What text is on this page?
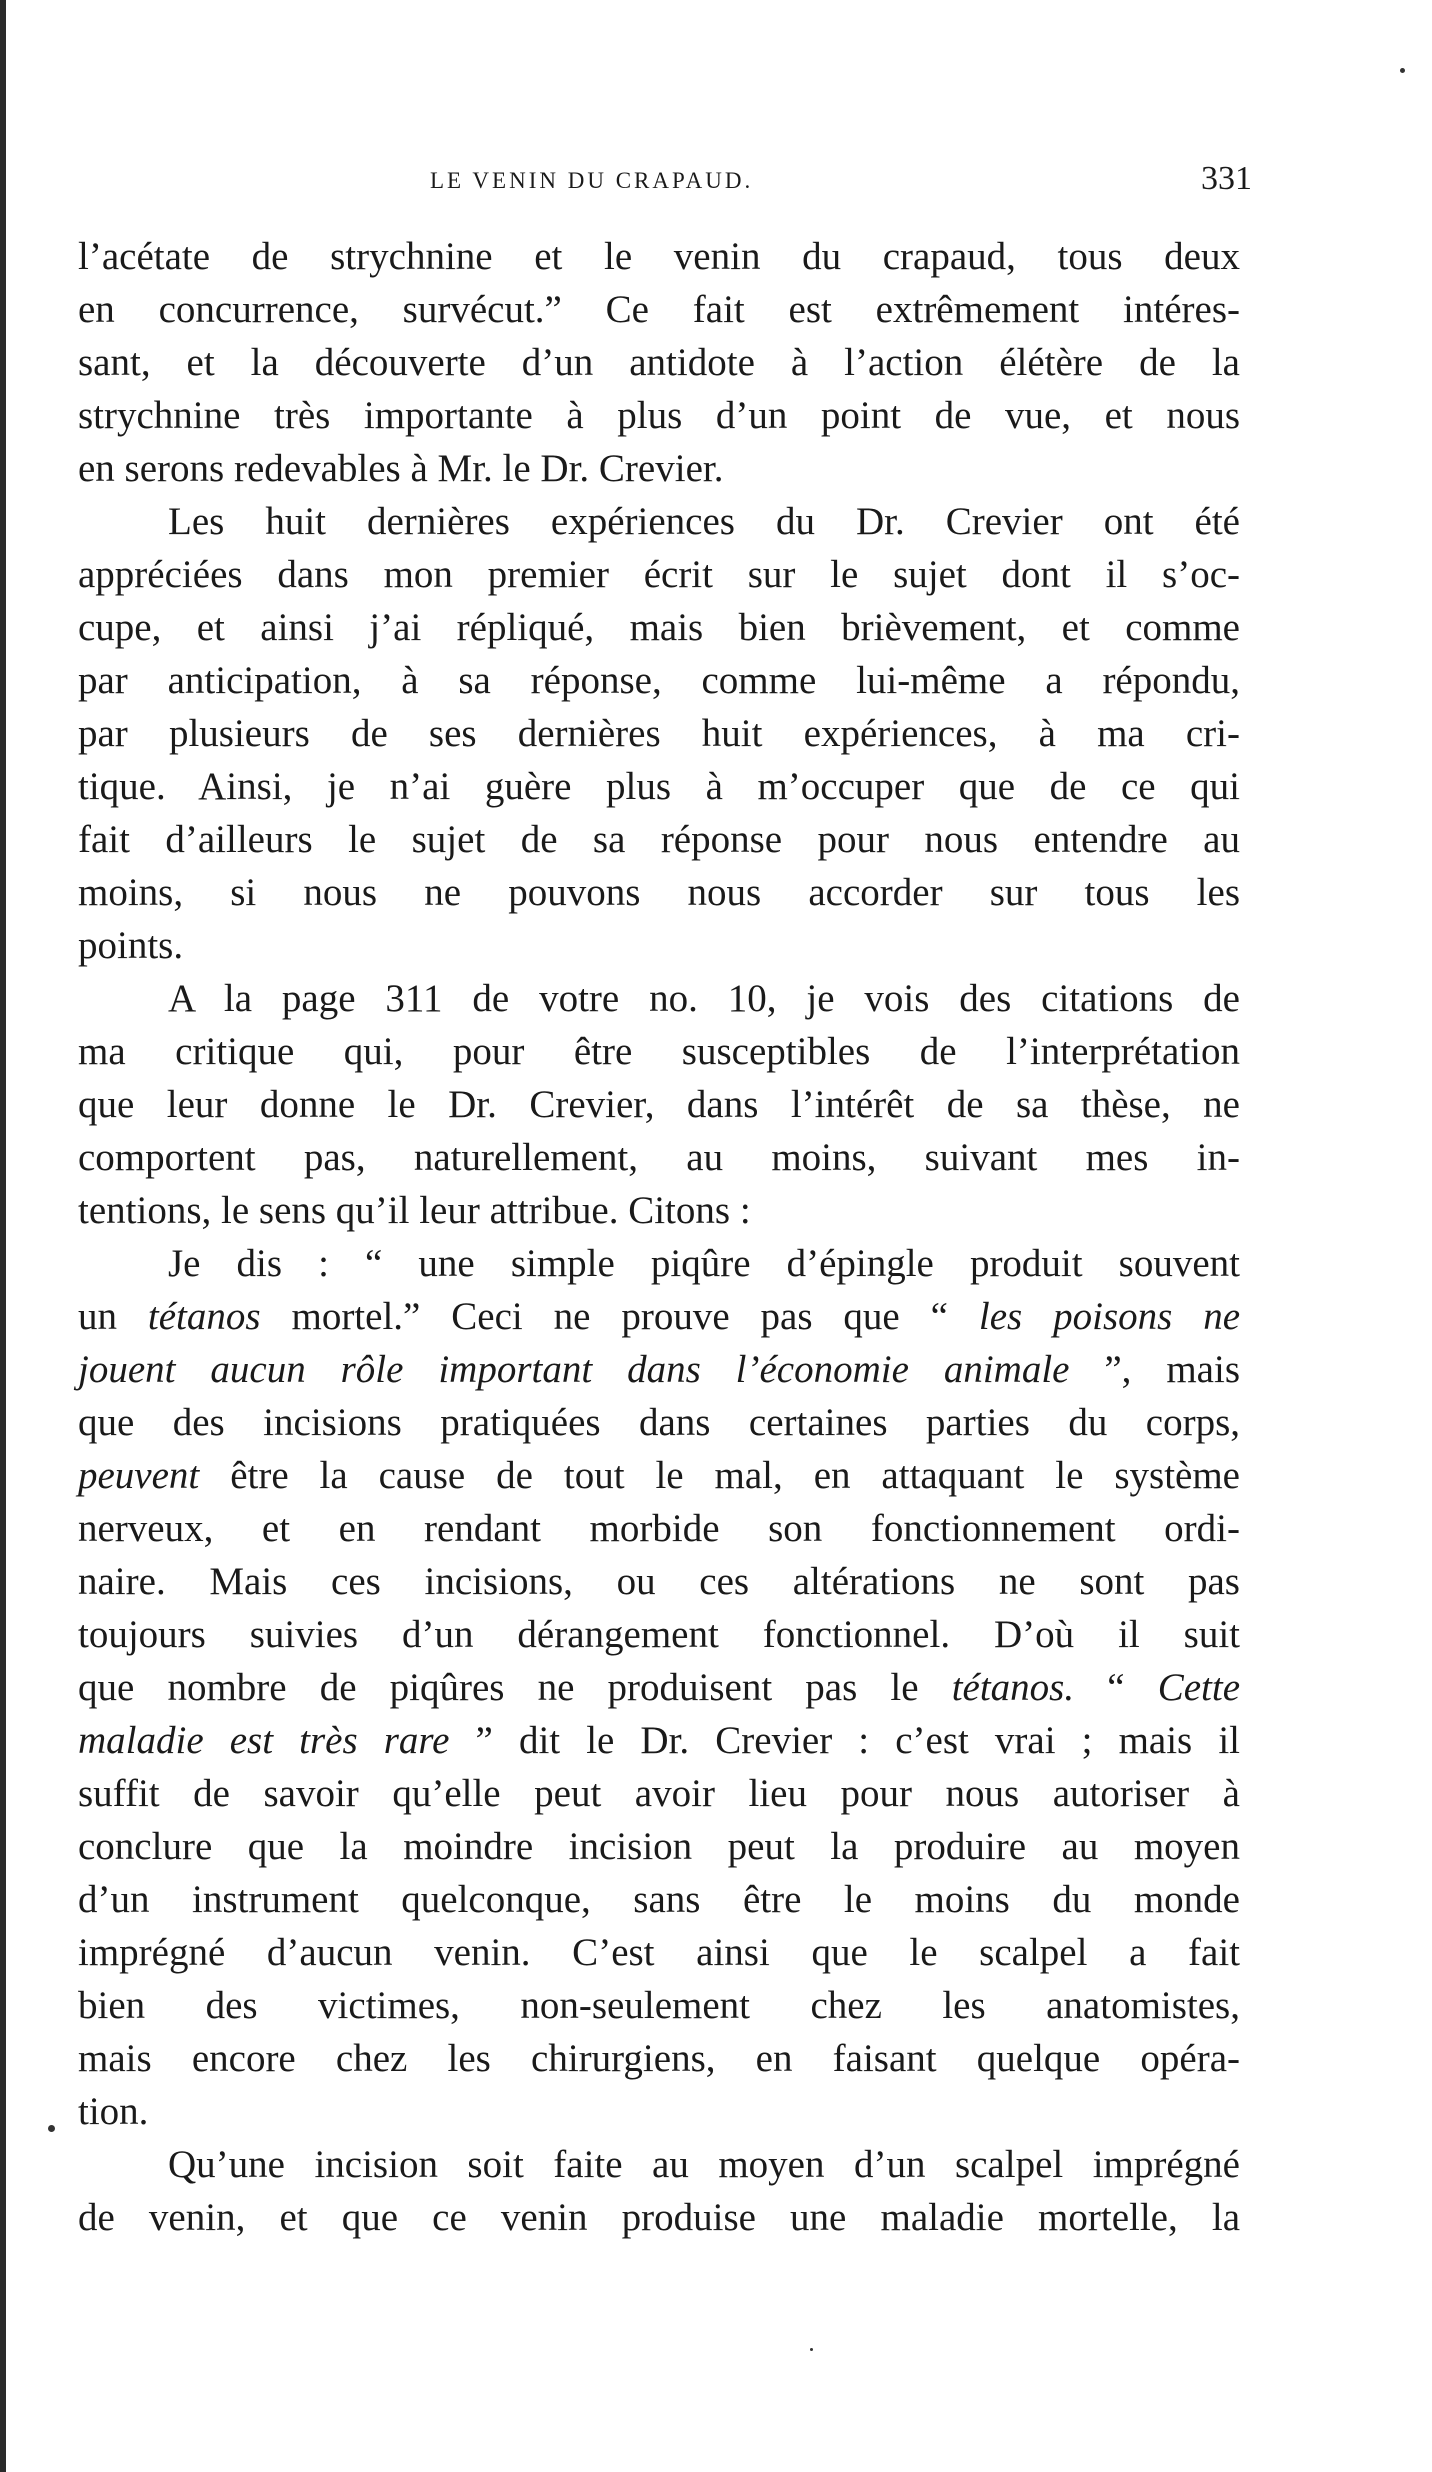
LE VENIN DU CRAPAUD.	331
l’acétate de strychnine et le venin du crapaud, tous deux
en concurrence, survécut.” Ce fait est extrêmement intéres-
sant, et la découverte d’un antidote à l’action élétère de la
strychnine très importante à plus d’un point de vue, et nous
en serons redevables à Mr. le Dr. Crevier.
Les huit dernières expériences du Dr. Crevier ont été
appréciées dans mon premier écrit sur le sujet dont il s’oc-
cupe, et ainsi j’ai répliqué, mais bien brièvement, et comme
par anticipation, à sa réponse, comme lui-même a répondu,
par plusieurs de ses dernières huit expériences, à ma cri-
tique. Ainsi, je n’ai guère plus à m’occuper que de ce qui
fait d’ailleurs le sujet de sa réponse pour nous entendre au
moins, si nous ne pouvons nous accorder sur tous les
points.
A la page 311 de votre no. 10, je vois des citations de
ma critique qui, pour être susceptibles de l’interprétation
que leur donne le Dr. Crevier, dans l’intérêt de sa thèse, ne
comportent pas, naturellement, au moins, suivant mes in-
tentions, le sens qu’il leur attribue. Citons :
Je dis : “ une simple piqûre d’épingle produit souvent
un tétanos mortel.” Ceci ne prouve pas que “ les poisons ne
jouent aucun rôle important dans l’économie animale ”, mais
que des incisions pratiquées dans certaines parties du corps,
peuvent être la cause de tout le mal, en attaquant le système
nerveux, et en rendant morbide son fonctionnement ordi-
naire. Mais ces incisions, ou ces altérations ne sont pas
toujours suivies d’un dérangement fonctionnel. D’où il suit
que nombre de piqûres ne produisent pas le tétanos. “ Cette
maladie est très rare ” dit le Dr. Crevier : c’est vrai ; mais il
suffit de savoir qu’elle peut avoir lieu pour nous autoriser à
conclure que la moindre incision peut la produire au moyen
d’un instrument quelconque, sans être le moins du monde
imprégné d’aucun venin. C’est ainsi que le scalpel a fait
bien des victimes, non-seulement chez les anatomistes,
mais encore chez les chirurgiens, en faisant quelque opéra-
tion.
Qu’une incision soit faite au moyen d’un scalpel imprégné
de venin, et que ce venin produise une maladie mortelle, la
